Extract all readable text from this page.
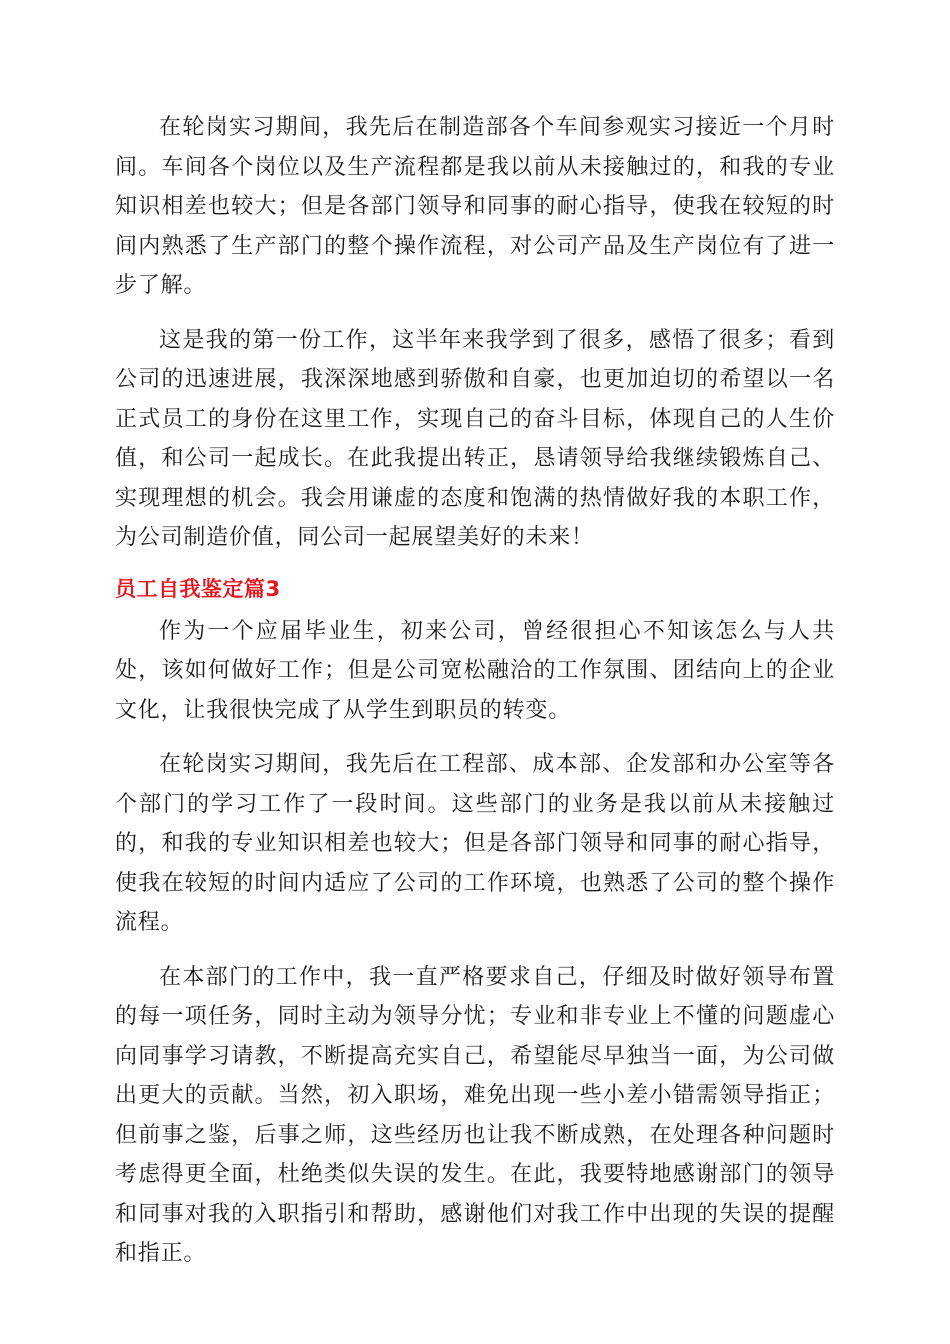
在轮岗实习期间，我先后在制造部各个车间参观实习接近一个月时间。车间各个岗位以及生产流程都是我以前从未接触过的，和我的专业知识相差也较大；但是各部门领导和同事的耐心指导，使我在较短的时间内熟悉了生产部门的整个操作流程，对公司产品及生产岗位有了进一步了解。

这是我的第一份工作，这半年来我学到了很多，感悟了很多；看到公司的迅速进展，我深深地感到骄傲和自豪，也更加迫切的希望以一名正式员工的身份在这里工作，实现自己的奋斗目标，体现自己的人生价值，和公司一起成长。在此我提出转正，恳请领导给我继续锻炼自己、实现理想的机会。我会用谦虚的态度和饱满的热情做好我的本职工作，为公司制造价值，同公司一起展望美好的未来！

员工自我鉴定篇3

作为一个应届毕业生，初来公司，曾经很担心不知该怎么与人共处，该如何做好工作；但是公司宽松融洽的工作氛围、团结向上的企业文化，让我很快完成了从学生到职员的转变。

在轮岗实习期间，我先后在工程部、成本部、企发部和办公室等各个部门的学习工作了一段时间。这些部门的业务是我以前从未接触过的，和我的专业知识相差也较大；但是各部门领导和同事的耐心指导，使我在较短的时间内适应了公司的工作环境，也熟悉了公司的整个操作流程。

在本部门的工作中，我一直严格要求自己，仔细及时做好领导布置的每一项任务，同时主动为领导分忧；专业和非专业上不懂的问题虚心向同事学习请教，不断提高充实自己，希望能尽早独当一面，为公司做出更大的贡献。当然，初入职场，难免出现一些小差小错需领导指正；但前事之鉴，后事之师，这些经历也让我不断成熟，在处理各种问题时考虑得更全面，杜绝类似失误的发生。在此，我要特地感谢部门的领导和同事对我的入职指引和帮助，感谢他们对我工作中出现的失误的提醒和指正。
